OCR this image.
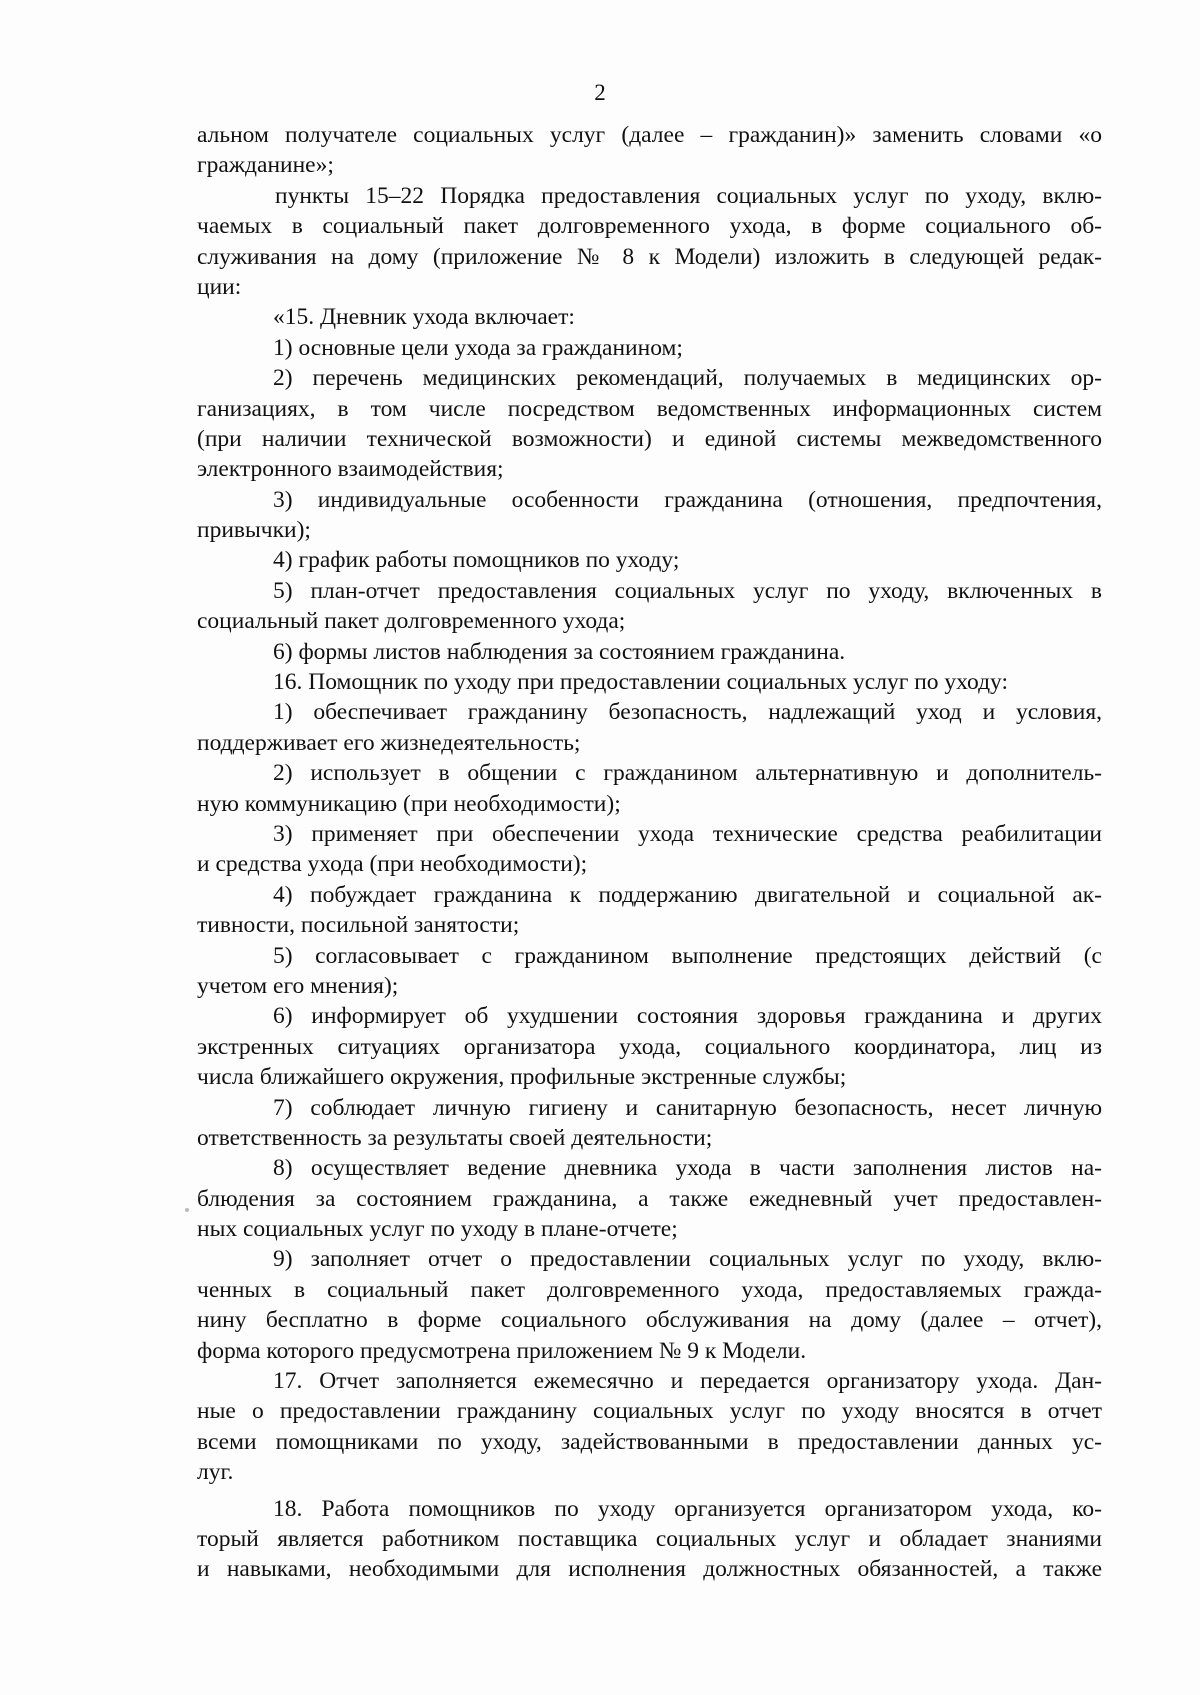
2
альном получателе социальных услуг (далее – гражданин)» заменить словами «о
гражданине»;
пункты 15–22 Порядка предоставления социальных услуг по уходу, вклю-
чаемых в социальный пакет долговременного ухода, в форме социального об-
служивания на дому (приложение № 8 к Модели) изложить в следующей редак-
ции:
«15. Дневник ухода включает:
1) основные цели ухода за гражданином;
2) перечень медицинских рекомендаций, получаемых в медицинских ор-
ганизациях, в том числе посредством ведомственных информационных систем
(при наличии технической возможности) и единой системы межведомственного
электронного взаимодействия;
3) индивидуальные особенности гражданина (отношения, предпочтения,
привычки);
4) график работы помощников по уходу;
5) план-отчет предоставления социальных услуг по уходу, включенных в
социальный пакет долговременного ухода;
6) формы листов наблюдения за состоянием гражданина.
16. Помощник по уходу при предоставлении социальных услуг по уходу:
1) обеспечивает гражданину безопасность, надлежащий уход и условия,
поддерживает его жизнедеятельность;
2) использует в общении с гражданином альтернативную и дополнитель-
ную коммуникацию (при необходимости);
3) применяет при обеспечении ухода технические средства реабилитации
и средства ухода (при необходимости);
4) побуждает гражданина к поддержанию двигательной и социальной ак-
тивности, посильной занятости;
5) согласовывает с гражданином выполнение предстоящих действий (с
учетом его мнения);
6) информирует об ухудшении состояния здоровья гражданина и других
экстренных ситуациях организатора ухода, социального координатора, лиц из
числа ближайшего окружения, профильные экстренные службы;
7) соблюдает личную гигиену и санитарную безопасность, несет личную
ответственность за результаты своей деятельности;
8) осуществляет ведение дневника ухода в части заполнения листов на-
блюдения за состоянием гражданина, а также ежедневный учет предоставлен-
ных социальных услуг по уходу в плане-отчете;
9) заполняет отчет о предоставлении социальных услуг по уходу, вклю-
ченных в социальный пакет долговременного ухода, предоставляемых гражда-
нину бесплатно в форме социального обслуживания на дому (далее – отчет),
форма которого предусмотрена приложением № 9 к Модели.
17. Отчет заполняется ежемесячно и передается организатору ухода. Дан-
ные о предоставлении гражданину социальных услуг по уходу вносятся в отчет
всеми помощниками по уходу, задействованными в предоставлении данных ус-
луг.
18. Работа помощников по уходу организуется организатором ухода, ко-
торый является работником поставщика социальных услуг и обладает знаниями
и навыками, необходимыми для исполнения должностных обязанностей, а также
